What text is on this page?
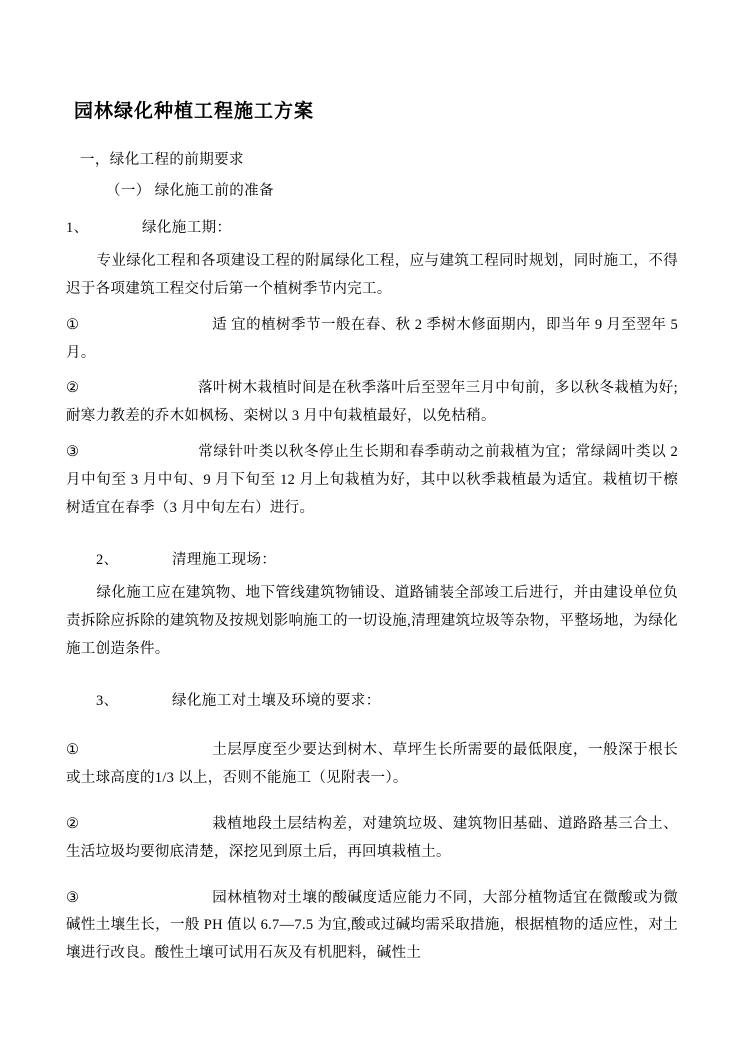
园林绿化种植工程施工方案
一，绿化工程的前期要求
（一） 绿化施工前的准备
1、	绿化施工期：

专业绿化工程和各项建设工程的附属绿化工程，应与建筑工程同时规划，同时施工，不得迟于各项建筑工程交付后第一个植树季节内完工。

①	适 宜的植树季节一般在春、秋 2 季树木修面期内，即当年 9 月至翌年 5 月。

②	落叶树木栽植时间是在秋季落叶后至翌年三月中旬前，多以秋冬栽植为好; 耐寒力教差的乔木如枫杨、栾树以 3 月中旬栽植最好，以免枯稍。

③	常绿针叶类以秋冬停止生长期和春季萌动之前栽植为宜；常绿阔叶类以 2 月中旬至 3 月中旬、9 月下旬至 12 月上旬栽植为好，其中以秋季栽植最为适宜。栽植切干檫树适宜在春季（3 月中旬左右）进行。

2、	清理施工现场：

绿化施工应在建筑物、地下管线建筑物铺设、道路铺装全部竣工后进行，并由建设单位负责拆除应拆除的建筑物及按规划影响施工的一切设施,清理建筑垃圾等杂物，平整场地，为绿化施工创造条件。

3、	绿化施工对土壤及环境的要求：

①	土层厚度至少要达到树木、草坪生长所需要的最低限度，一般深于根长或土球高度的1/3 以上，否则不能施工（见附表一）。

②	栽植地段土层结构差，对建筑垃圾、建筑物旧基础、道路路基三合土、生活垃圾均要彻底清楚，深挖见到原土后，再回填栽植土。

③	园林植物对土壤的酸碱度适应能力不同，大部分植物适宜在微酸或为微碱性土壤生长，一般 PH 值以 6.7—7.5 为宜,酸或过碱均需采取措施，根据植物的适应性，对土壤进行改良。酸性土壤可试用石灰及有机肥料，碱性土
